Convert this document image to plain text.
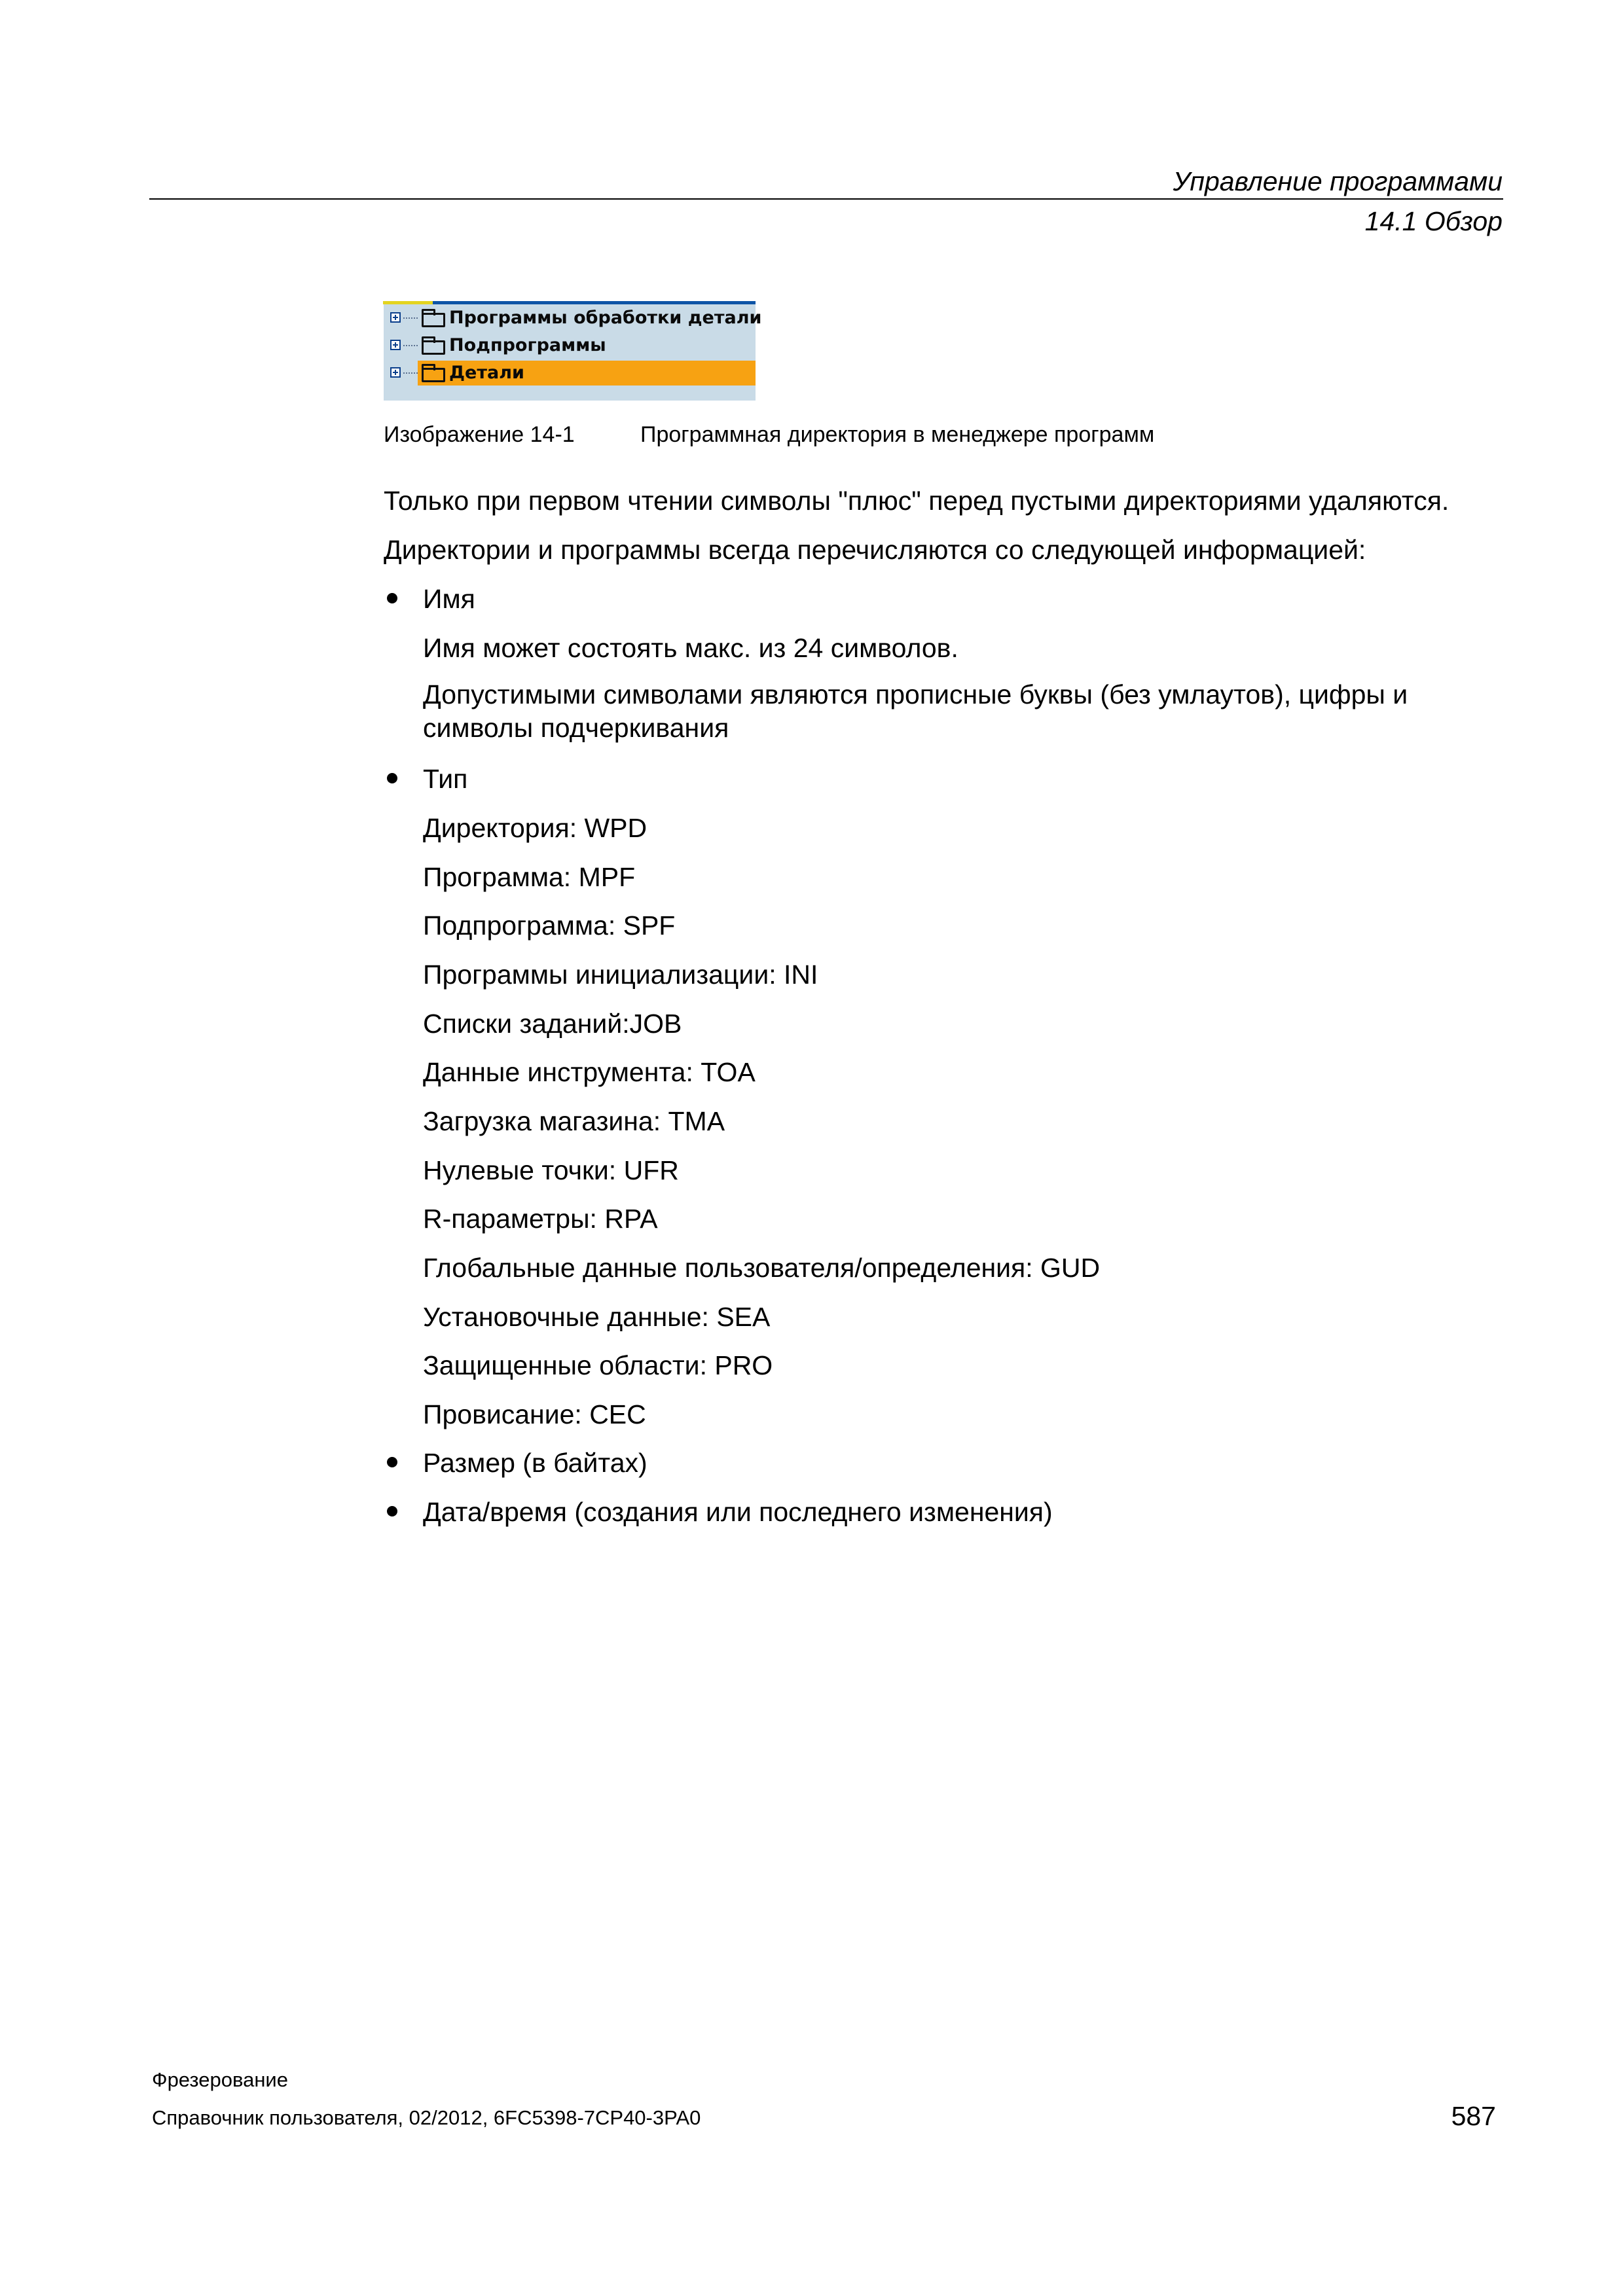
Управление программами
14.1 Обзор
Программы обработки детали
Подпрограммы
Детали
Изображение 14-1	Программная директория в менеджере программ
Только при первом чтении символы "плюс" перед пустыми директориями удаляются.
Директории и программы всегда перечисляются со следующей информацией:
Имя
Имя может состоять макс. из 24 символов.
Допустимыми символами являются прописные буквы (без умлаутов), цифры и символы подчеркивания
Тип
Директория: WPD
Программа: MPF
Подпрограмма: SPF
Программы инициализации: INI
Списки заданий:JOB
Данные инструмента: TOA
Загрузка магазина: TMA
Нулевые точки: UFR
R-параметры: RPA
Глобальные данные пользователя/определения: GUD
Установочные данные: SEA
Защищенные области: PRO
Провисание: CEC
Размер (в байтах)
Дата/время (создания или последнего изменения)
Фрезерование
Справочник пользователя, 02/2012, 6FC5398-7CP40-3PA0	587
